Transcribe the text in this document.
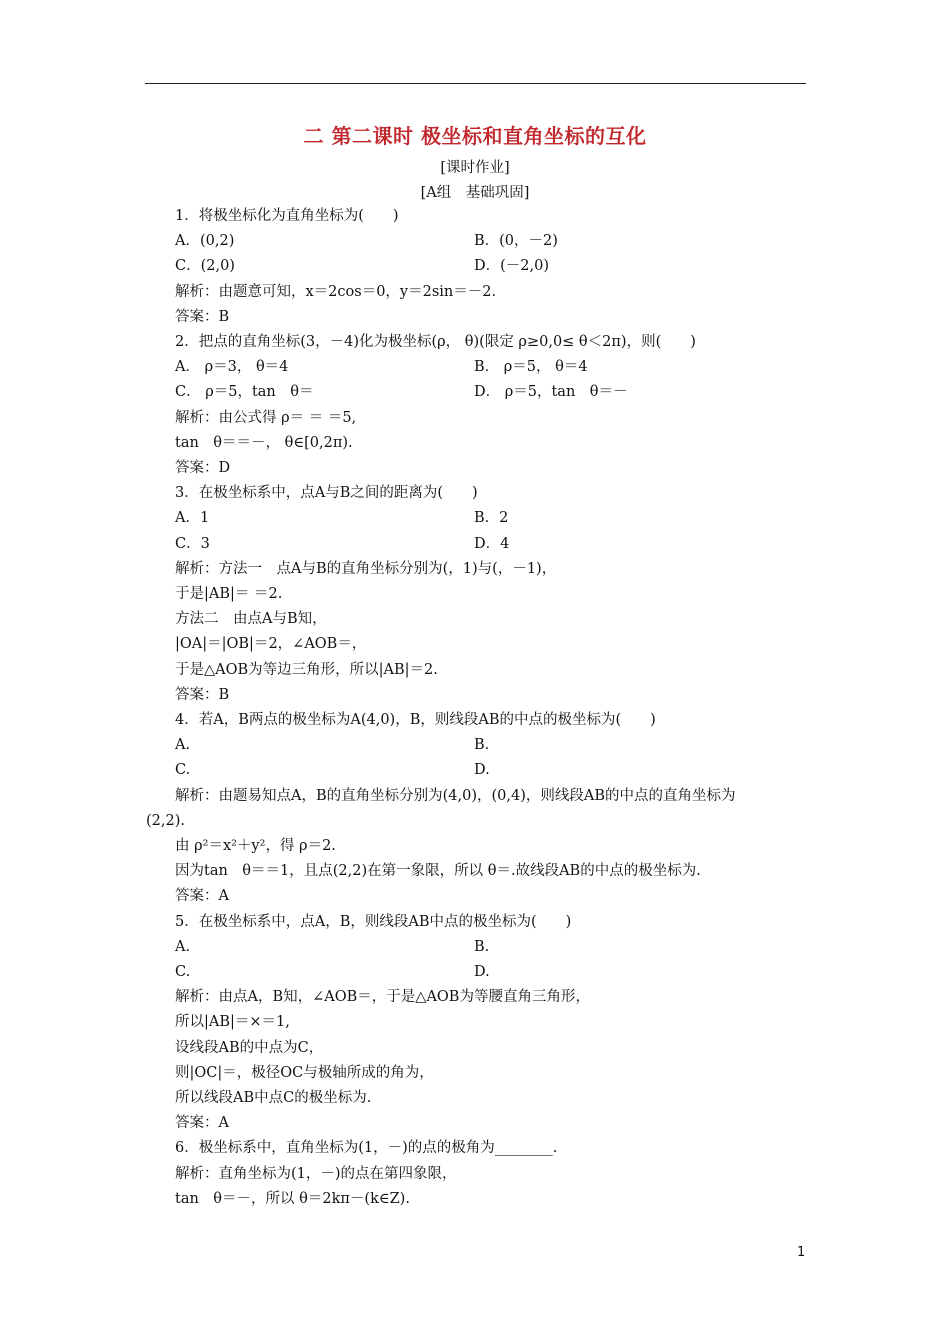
二 第二课时 极坐标和直角坐标的互化
[课时作业]
[A组　基础巩固]
1．将极坐标化为直角坐标为(　　)
A．(0,2)	B．(0，－2)
C．(2,0)	D．(－2,0)
解析：由题意可知，x＝2cos＝0，y＝2sin＝－2.
答案：B
2．把点的直角坐标(3，－4)化为极坐标(ρ， θ)(限定 ρ≥0,0≤ θ＜2π)，则(　　)
A． ρ＝3， θ＝4	B． ρ＝5， θ＝4
C． ρ＝5，tan　θ＝	D． ρ＝5，tan　θ＝－
解析：由公式得 ρ＝ ＝ ＝5,
tan　θ＝＝－， θ∈[0,2π).
答案：D
3．在极坐标系中，点A与B之间的距离为(　　)
A．1	B．2
C．3	D．4
解析：方法一　点A与B的直角坐标分别为(，1)与(，－1)，
于是|AB|＝ ＝2.
方法二　由点A与B知，
|OA|＝|OB|＝2，∠AOB＝，
于是△AOB为等边三角形，所以|AB|＝2.
答案：B
4．若A，B两点的极坐标为A(4,0)，B，则线段AB的中点的极坐标为(　　)
A.	B.
C.	D.
解析：由题易知点A，B的直角坐标分别为(4,0)，(0,4)，则线段AB的中点的直角坐标为
(2,2).
由 ρ²＝x²＋y²，得 ρ＝2.
因为tan　θ＝＝1，且点(2,2)在第一象限，所以 θ＝.故线段AB的中点的极坐标为.
答案：A
5．在极坐标系中，点A，B，则线段AB中点的极坐标为(　　)
A.	B.
C.	D.
解析：由点A，B知，∠AOB＝，于是△AOB为等腰直角三角形，
所以|AB|＝×＝1,
设线段AB的中点为C，
则|OC|＝，极径OC与极轴所成的角为，
所以线段AB中点C的极坐标为.
答案：A
6．极坐标系中，直角坐标为(1，－)的点的极角为________.
解析：直角坐标为(1，－)的点在第四象限，
tan　θ＝－，所以 θ＝2kπ－(k∈Z).
1
